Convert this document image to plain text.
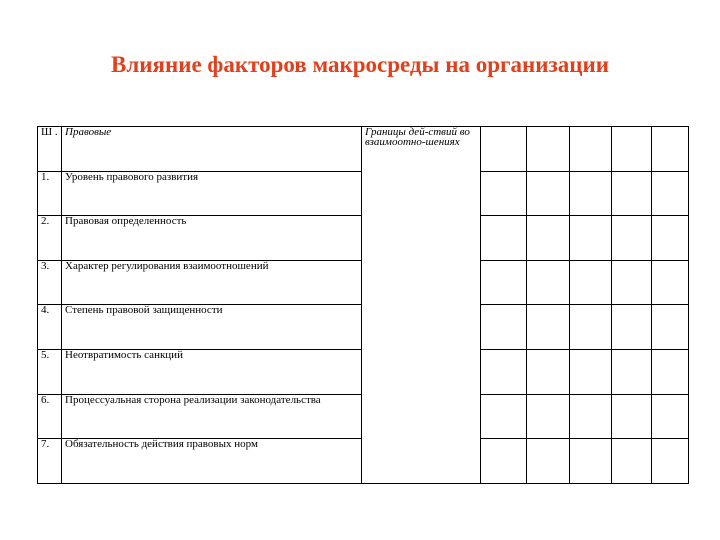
Влияние факторов макросреды на организации
Ш .	Правовые	Границы дей-ствий во взаимоотно-шениях					
1.	Уровень правового развития						
2.	Правовая определенность						
3.	Характер регулирования взаимоотношений						
4.	Степень правовой защищенности						
5.	Неотвратимость санкций						
6.	Процессуальная сторона реализации законодательства						
7.	Обязательность действия правовых норм						
